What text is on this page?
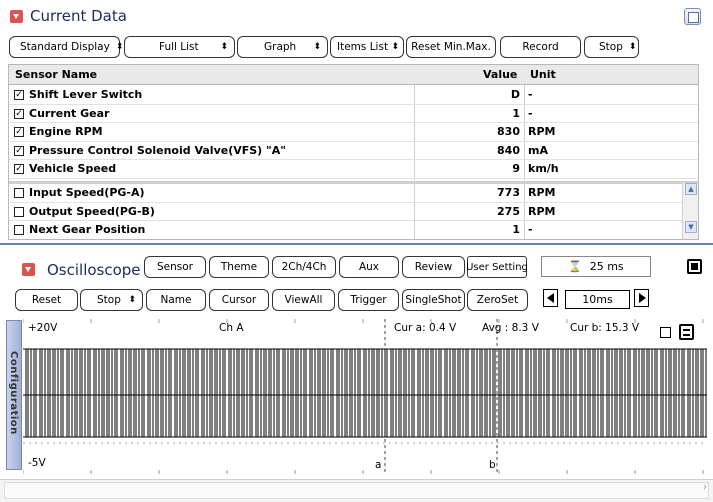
Current Data
Standard Display ⬍	Full List ⬍	Graph ⬍ Items List ⬍	Reset Min.Max.	Record	Stop ⬍
Sensor Name	Value Unit
✓ Shift Lever Switch	D -
✓ Current Gear	1 -
✓ Engine RPM	830 RPM
✓ Pressure Control Solenoid Valve(VFS) "A"	840 mA
✓ Vehicle Speed	9 km/h
Input Speed(PG-A)	773 RPM
Output Speed(PG-B)	275 RPM
Next Gear Position	1 -
▲
▼
Oscilloscope	Sensor	Theme	2Ch/4Ch	Aux	Review	User Setting	⌛ 25 ms
Reset	Stop ⬍	Name	Cursor	ViewAll	Trigger	SingleShot	ZeroSet	10ms
Configuration
+20V	Ch A	Cur a: 0.4 V Avg : 8.3 V	Cur b: 15.3 V
-5V	a	b
›
